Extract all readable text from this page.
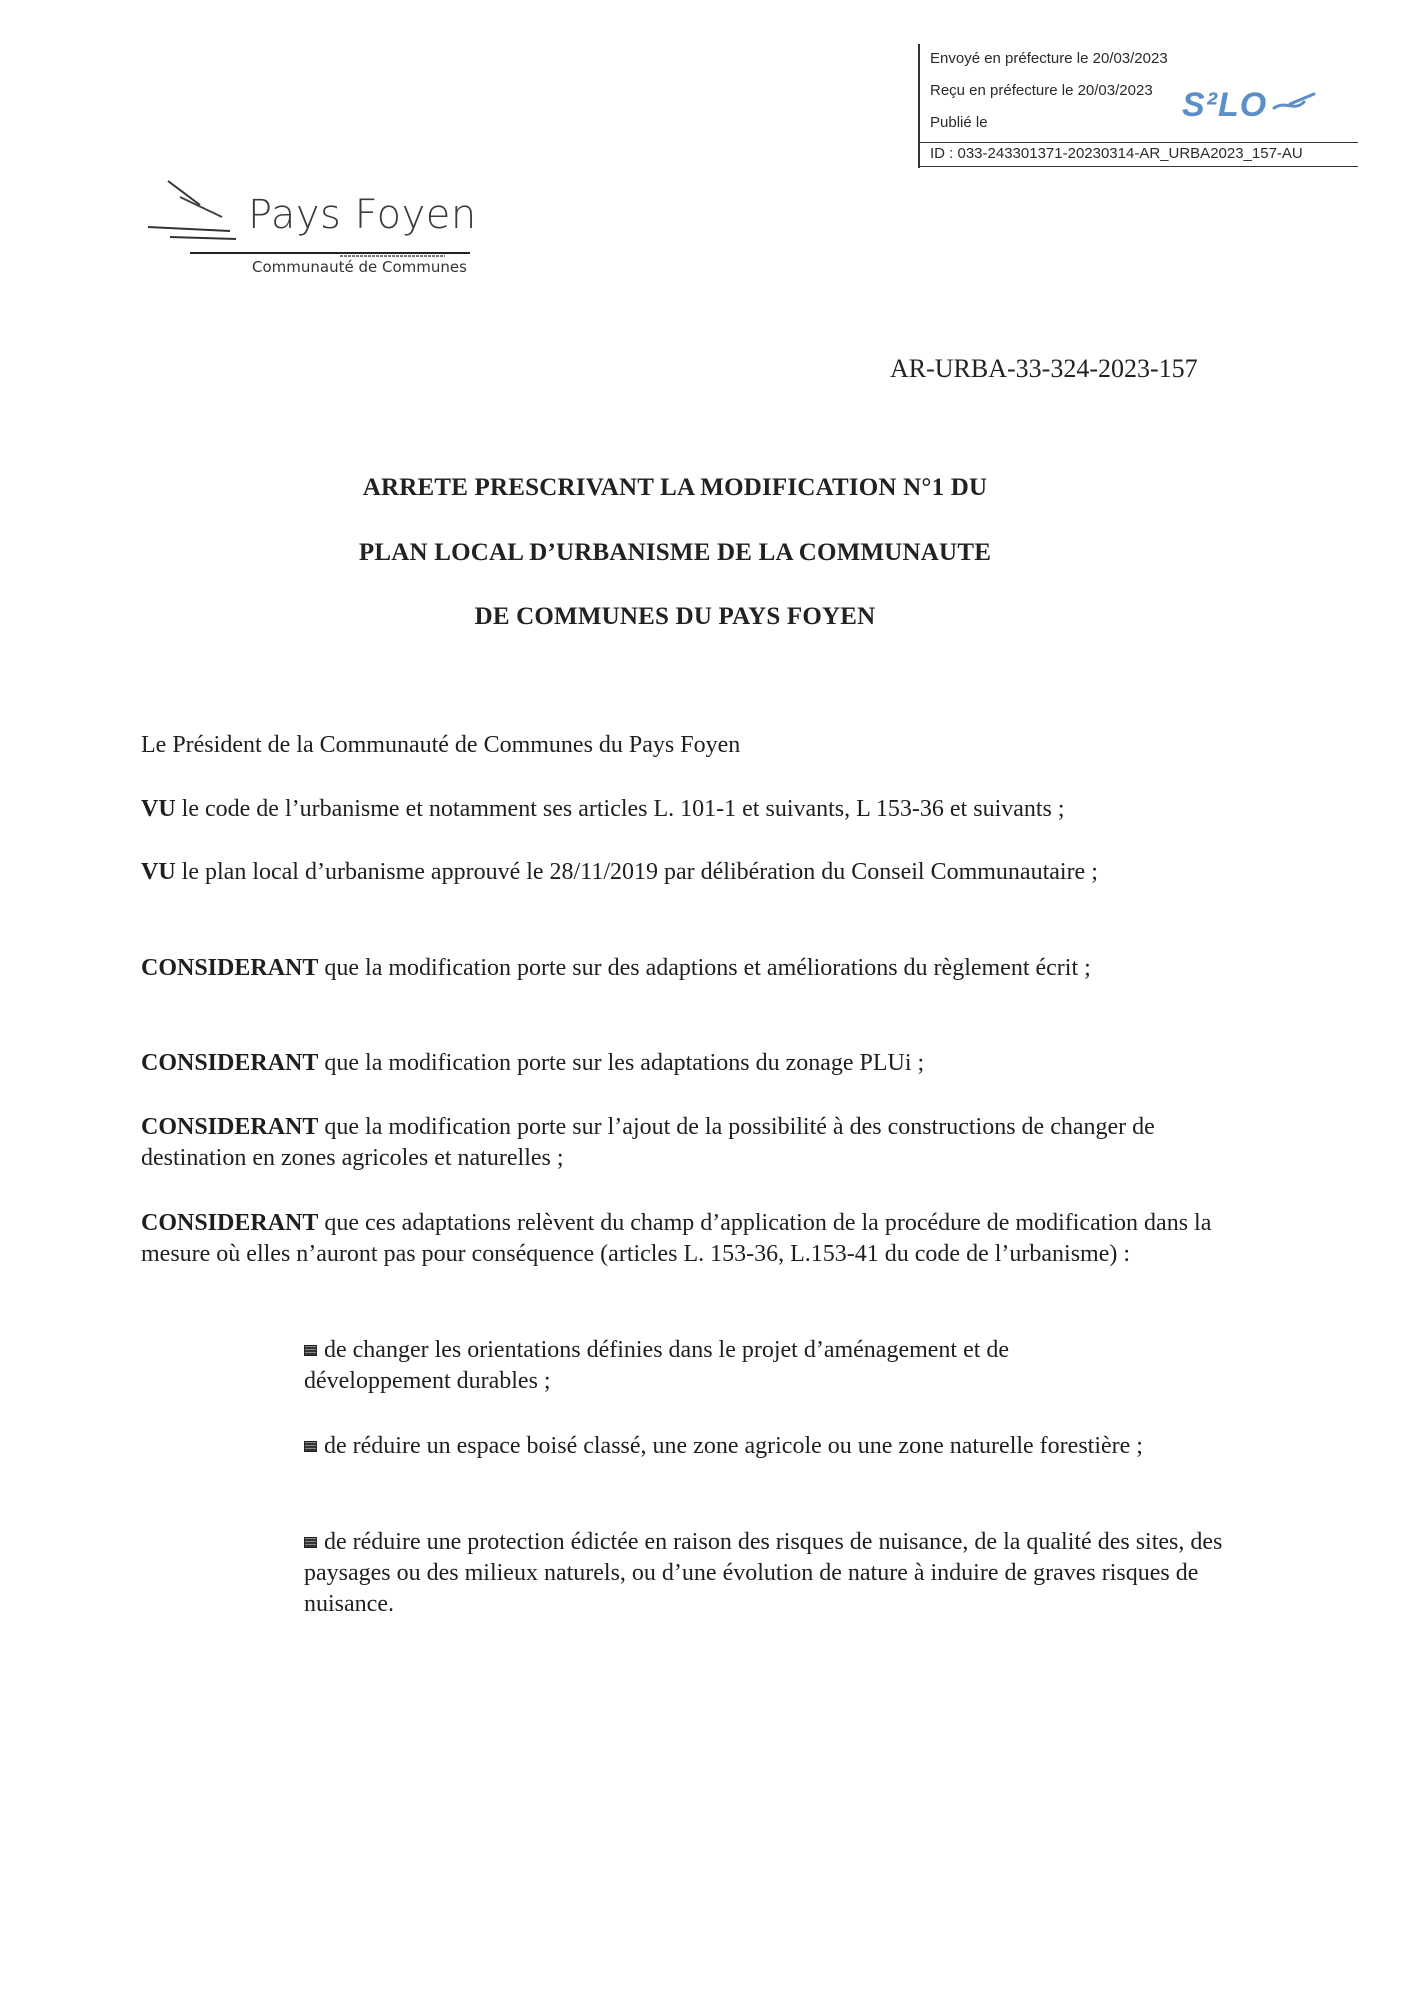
Envoyé en préfecture le 20/03/2023
Reçu en préfecture le 20/03/2023
Publié le
ID : 033-243301371-20230314-AR_URBA2023_157-AU
S²LO
Pays Foyen
Communauté de Communes
AR-URBA-33-324-2023-157
ARRETE PRESCRIVANT LA MODIFICATION N°1 DU
PLAN LOCAL D’URBANISME DE LA COMMUNAUTE
DE COMMUNES DU PAYS FOYEN
Le Président de la Communauté de Communes du Pays Foyen
VU le code de l’urbanisme et notamment ses articles L. 101-1 et suivants, L 153-36 et suivants ;
VU le plan local d’urbanisme approuvé le 28/11/2019 par délibération du Conseil Communautaire ;
CONSIDERANT que la modification porte sur des adaptions et améliorations du règlement écrit ;
CONSIDERANT que la modification porte sur les adaptations du zonage PLUi ;
CONSIDERANT que la modification porte sur l’ajout de la possibilité à des constructions de changer de destination en zones agricoles et naturelles ;
CONSIDERANT que ces adaptations relèvent du champ d’application de la procédure de modification dans la mesure où elles n’auront pas pour conséquence (articles L. 153-36, L.153-41 du code de l’urbanisme) :
de changer les orientations définies dans le projet d’aménagement et de développement durables ;
de réduire un espace boisé classé, une zone agricole ou une zone naturelle forestière ;
de réduire une protection édictée en raison des risques de nuisance, de la qualité des sites, des paysages ou des milieux naturels, ou d’une évolution de nature à induire de graves risques de nuisance.
